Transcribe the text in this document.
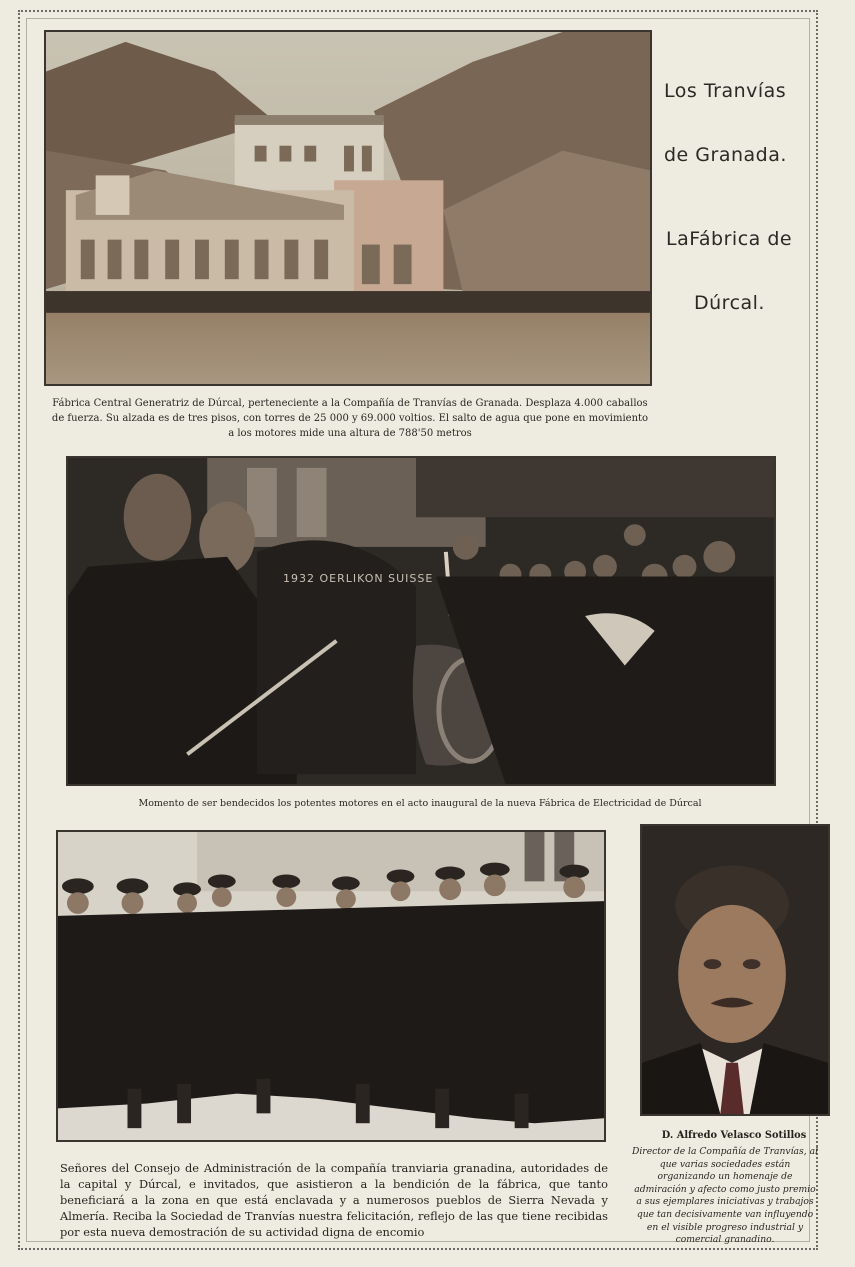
Los Tranvías
de Granada.
LaFábrica de
Dúrcal.
Fábrica Central Generatriz de Dúrcal, perteneciente a la Compañía de Tranvías de Granada. Desplaza 4.000 caballos
de fuerza. Su alzada es de tres pisos, con torres de 25 000 y 69.000 voltios. El salto de agua que pone en movimiento
a los motores mide una altura de 788'50 metros
1932 OERLIKON SUISSE
Momento de ser bendecidos los potentes motores en el acto inaugural de la nueva Fábrica de Electricidad de Dúrcal
Señores del Consejo de Administración de la compañía tranviaria granadina, autoridades de la capital y Dúrcal, e invitados, que asistieron a la bendición de la fábrica, que tanto beneficiará a la zona en que está enclavada y a numerosos pueblos de Sierra Nevada y Almería. Reciba la Sociedad de Tranvías nuestra felicitación, reflejo de las que tiene recibidas por esta nueva demostración de su actividad digna de encomio
D. Alfredo Velasco Sotillos
Director de la Compañía de Tranvías, al que varias sociedades están organizando un homenaje de admiración y afecto como justo premio a sus ejemplares iniciativas y trabajos que tan decisivamente van influyendo en el visible progreso industrial y comercial granadino.
